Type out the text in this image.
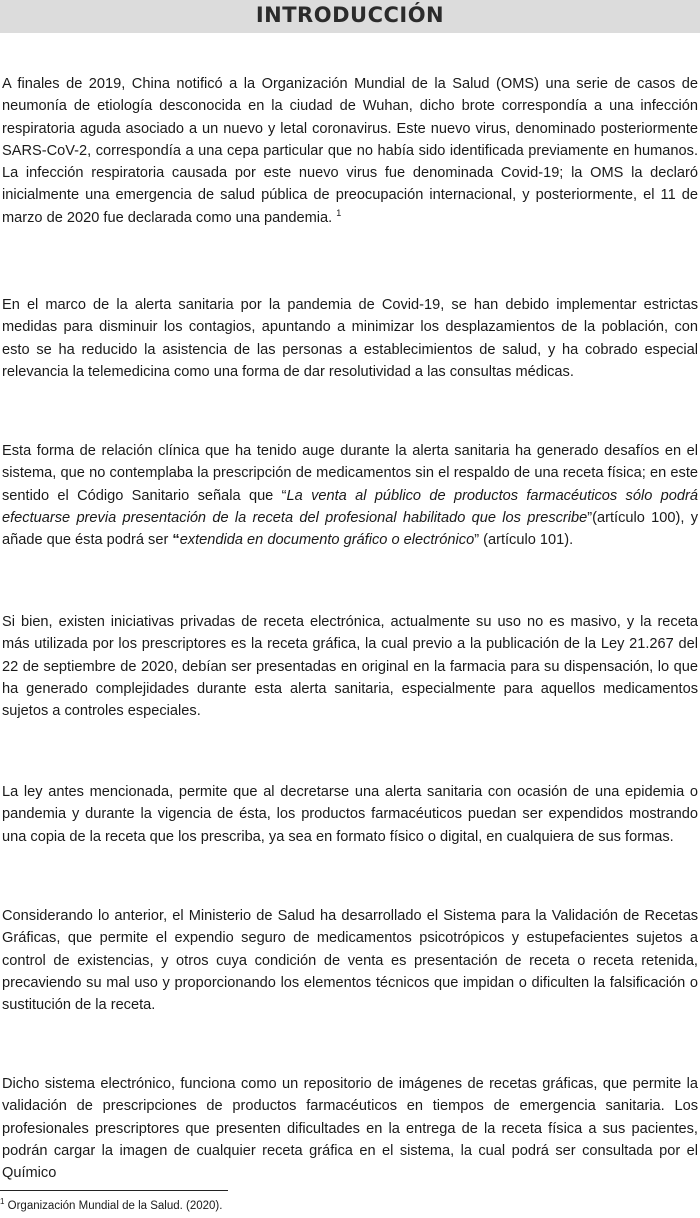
INTRODUCCIÓN

A finales de 2019, China notificó a la Organización Mundial de la Salud (OMS) una serie de casos de neumonía de etiología desconocida en la ciudad de Wuhan, dicho brote correspondía a una infección respiratoria aguda asociado a un nuevo y letal coronavirus. Este nuevo virus, denominado posteriormente SARS-CoV-2, correspondía a una cepa particular que no había sido identificada previamente en humanos. La infección respiratoria causada por este nuevo virus fue denominada Covid-19; la OMS la declaró inicialmente una emergencia de salud pública de preocupación internacional, y posteriormente, el 11 de marzo de 2020 fue declarada como una pandemia. $^1$

En el marco de la alerta sanitaria por la pandemia de Covid-19, se han debido implementar estrictas medidas para disminuir los contagios, apuntando a minimizar los desplazamientos de la población, con esto se ha reducido la asistencia de las personas a establecimientos de salud, y ha cobrado especial relevancia la telemedicina como una forma de dar resolutividad a las consultas médicas.

Esta forma de relación clínica que ha tenido auge durante la alerta sanitaria ha generado desafíos en el sistema, que no contemplaba la prescripción de medicamentos sin el respaldo de una receta física; en este sentido el Código Sanitario señala que “La venta al público de productos farmacéuticos sólo podrá efectuarse previa presentación de la receta del profesional habilitado que los prescribe”(artículo 100), y añade que ésta podrá ser “extendida en documento gráfico o electrónico” (artículo 101).

Si bien, existen iniciativas privadas de receta electrónica, actualmente su uso no es masivo, y la receta más utilizada por los prescriptores es la receta gráfica, la cual previo a la publicación de la Ley 21.267 del 22 de septiembre de 2020, debían ser presentadas en original en la farmacia para su dispensación, lo que ha generado complejidades durante esta alerta sanitaria, especialmente para aquellos medicamentos sujetos a controles especiales.

La ley antes mencionada, permite que al decretarse una alerta sanitaria con ocasión de una epidemia o pandemia y durante la vigencia de ésta, los productos farmacéuticos puedan ser expendidos mostrando una copia de la receta que los prescriba, ya sea en formato físico o digital, en cualquiera de sus formas.

Considerando lo anterior, el Ministerio de Salud ha desarrollado el Sistema para la Validación de Recetas Gráficas, que permite el expendio seguro de medicamentos psicotrópicos y estupefacientes sujetos a control de existencias, y otros cuya condición de venta es presentación de receta o receta retenida, precaviendo su mal uso y proporcionando los elementos técnicos que impidan o dificulten la falsificación o sustitución de la receta.

Dicho sistema electrónico, funciona como un repositorio de imágenes de recetas gráficas, que permite la validación de prescripciones de productos farmacéuticos en tiempos de emergencia sanitaria. Los profesionales prescriptores que presenten dificultades en la entrega de la receta física a sus pacientes, podrán cargar la imagen de cualquier receta gráfica en el sistema, la cual podrá ser consultada por el Químico

$^1$ Organización Mundial de la Salud. (2020).
